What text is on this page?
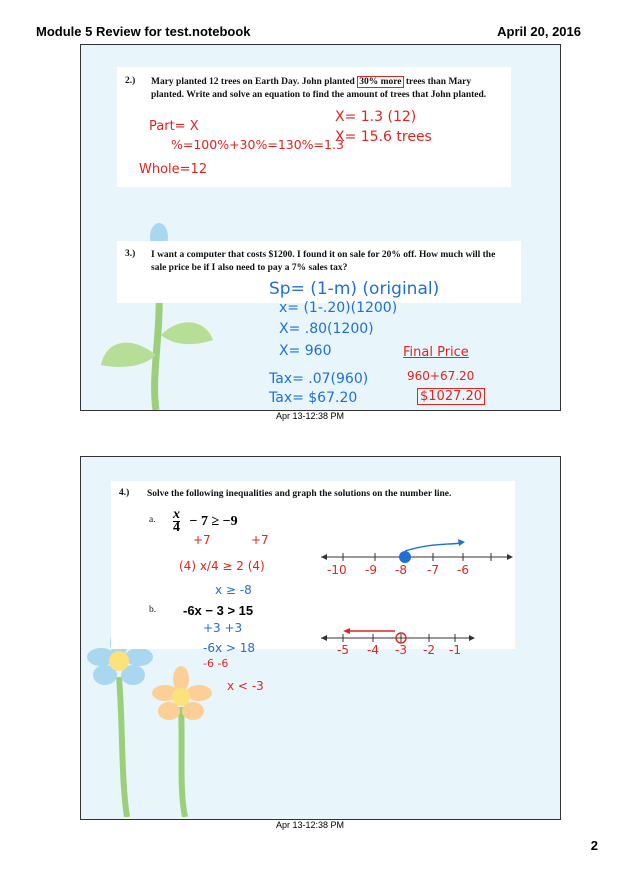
Module 5 Review for test.notebook	April 20, 2016
2.) Mary planted 12 trees on Earth Day. John planted 30% more trees than Mary planted. Write and solve an equation to find the amount of trees that John planted.
Part= X
%=100%+30%=130%=1.3
Whole=12
X= 1.3 (12)
X= 15.6 trees
3.) I want a computer that costs $1200. I found it on sale for 20% off. How much will the sale price be if I also need to pay a 7% sales tax?
Sp= (1-m) (original)
x= (1-.20)(1200)
X= .80(1200)
X= 960
Tax= .07(960)
Tax= $67.20
Final Price
960+67.20
$1027.20
Apr 13-12:38 PM
4.) Solve the following inequalities and graph the solutions on the number line.
a. $\frac{x}{4} - 7 \ge -9$
+7	+7
(4) x/4 ≥ 2 (4)
x ≥ -8
-10 -9 -8 -7 -6
b. -6x − 3 > 15
+3 +3
-6x > 18
-6 -6
x < -3
-5 -4 -3 -2 -1
Apr 13-12:38 PM
2
